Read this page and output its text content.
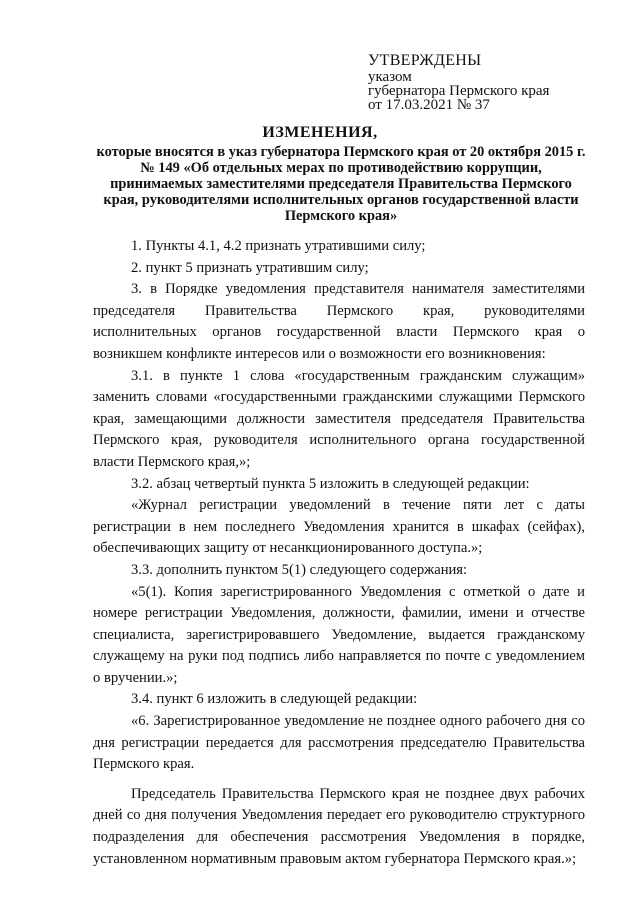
УТВЕРЖДЕНЫ
указом
губернатора Пермского края
от 17.03.2021 № 37
ИЗМЕНЕНИЯ,
которые вносятся в указ губернатора Пермского края от 20 октября 2015 г. № 149 «Об отдельных мерах по противодействию коррупции, принимаемых заместителями председателя Правительства Пермского края, руководителями исполнительных органов государственной власти Пермского края»

1. Пункты 4.1, 4.2 признать утратившими силу;

2. пункт 5 признать утратившим силу;

3. в Порядке уведомления представителя нанимателя заместителями председателя Правительства Пермского края, руководителями исполнительных органов государственной власти Пермского края о возникшем конфликте интересов или о возможности его возникновения:

3.1. в пункте 1 слова «государственным гражданским служащим» заменить словами «государственными гражданскими служащими Пермского края, замещающими должности заместителя председателя Правительства Пермского края, руководителя исполнительного органа государственной власти Пермского края,»;

3.2. абзац четвертый пункта 5 изложить в следующей редакции:

«Журнал регистрации уведомлений в течение пяти лет с даты регистрации в нем последнего Уведомления хранится в шкафах (сейфах), обеспечивающих защиту от несанкционированного доступа.»;

3.3. дополнить пунктом 5(1) следующего содержания:

«5(1). Копия зарегистрированного Уведомления с отметкой о дате и номере регистрации Уведомления, должности, фамилии, имени и отчестве специалиста, зарегистрировавшего Уведомление, выдается гражданскому служащему на руки под подпись либо направляется по почте с уведомлением о вручении.»;

3.4. пункт 6 изложить в следующей редакции:

«6. Зарегистрированное уведомление не позднее одного рабочего дня со дня регистрации передается для рассмотрения председателю Правительства Пермского края.

Председатель Правительства Пермского края не позднее двух рабочих дней со дня получения Уведомления передает его руководителю структурного подразделения для обеспечения рассмотрения Уведомления в порядке, установленном нормативным правовым актом губернатора Пермского края.»;
